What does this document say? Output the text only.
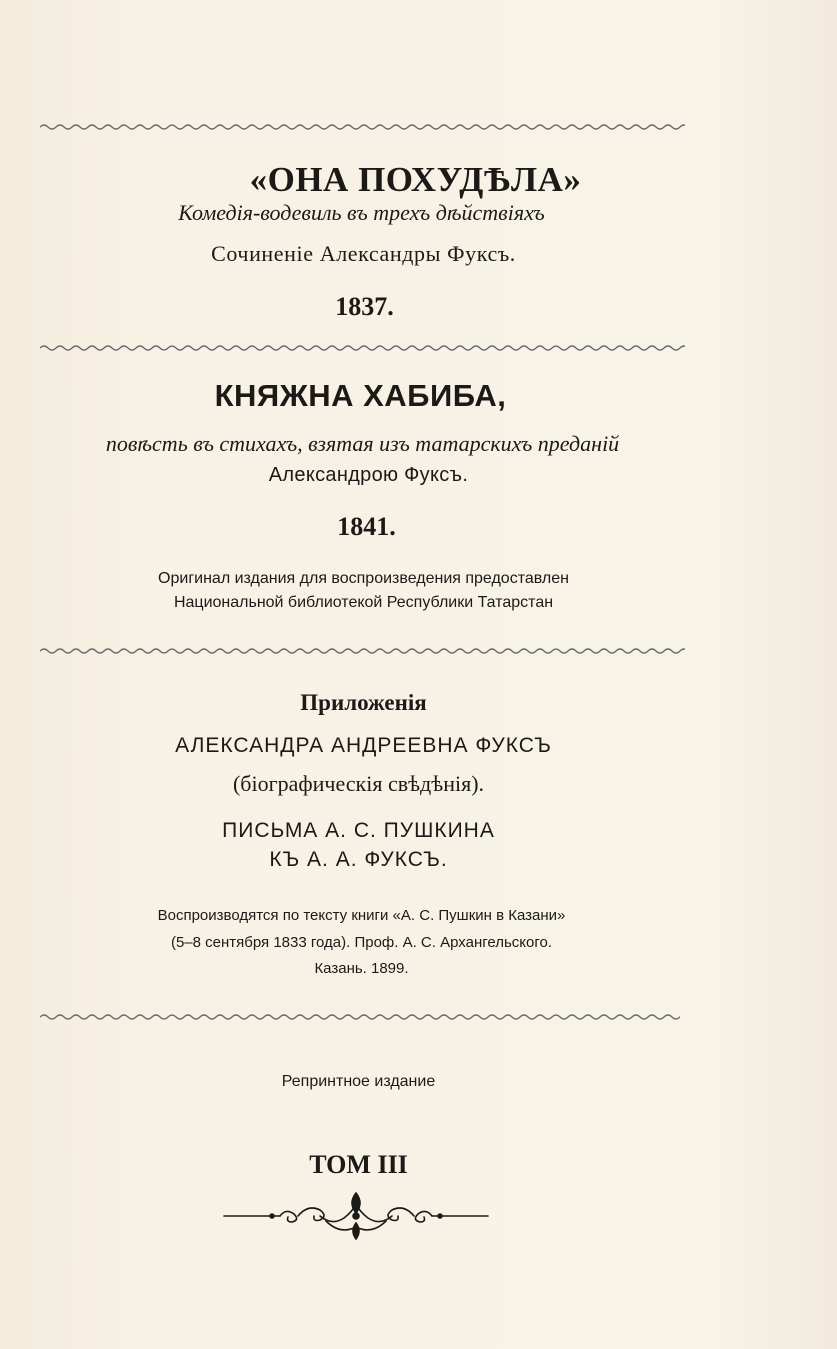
«ОНА ПОХУДѢЛА»
Комедія-водевиль въ трехъ дѣйствіяхъ
Сочиненіе Александры Фуксъ.
1837.
КНЯЖНА ХАБИБА,
повѣсть въ стихахъ, взятая изъ татарскихъ преданій
Александрою Фуксъ.
1841.
Оригинал издания для воспроизведения предоставлен
Национальной библиотекой Республики Татарстан
Приложенія
АЛЕКСАНДРА АНДРЕЕВНА ФУКСЪ
(біографическія свѣдѣнія).
ПИСЬМА А. С. ПУШКИНА
КЪ А. А. ФУКСЪ.
Воспроизводятся по тексту книги «А. С. Пушкин в Казани»
(5–8 сентября 1833 года). Проф. А. С. Архангельского.
Казань. 1899.
Репринтное издание
ТОМ III
